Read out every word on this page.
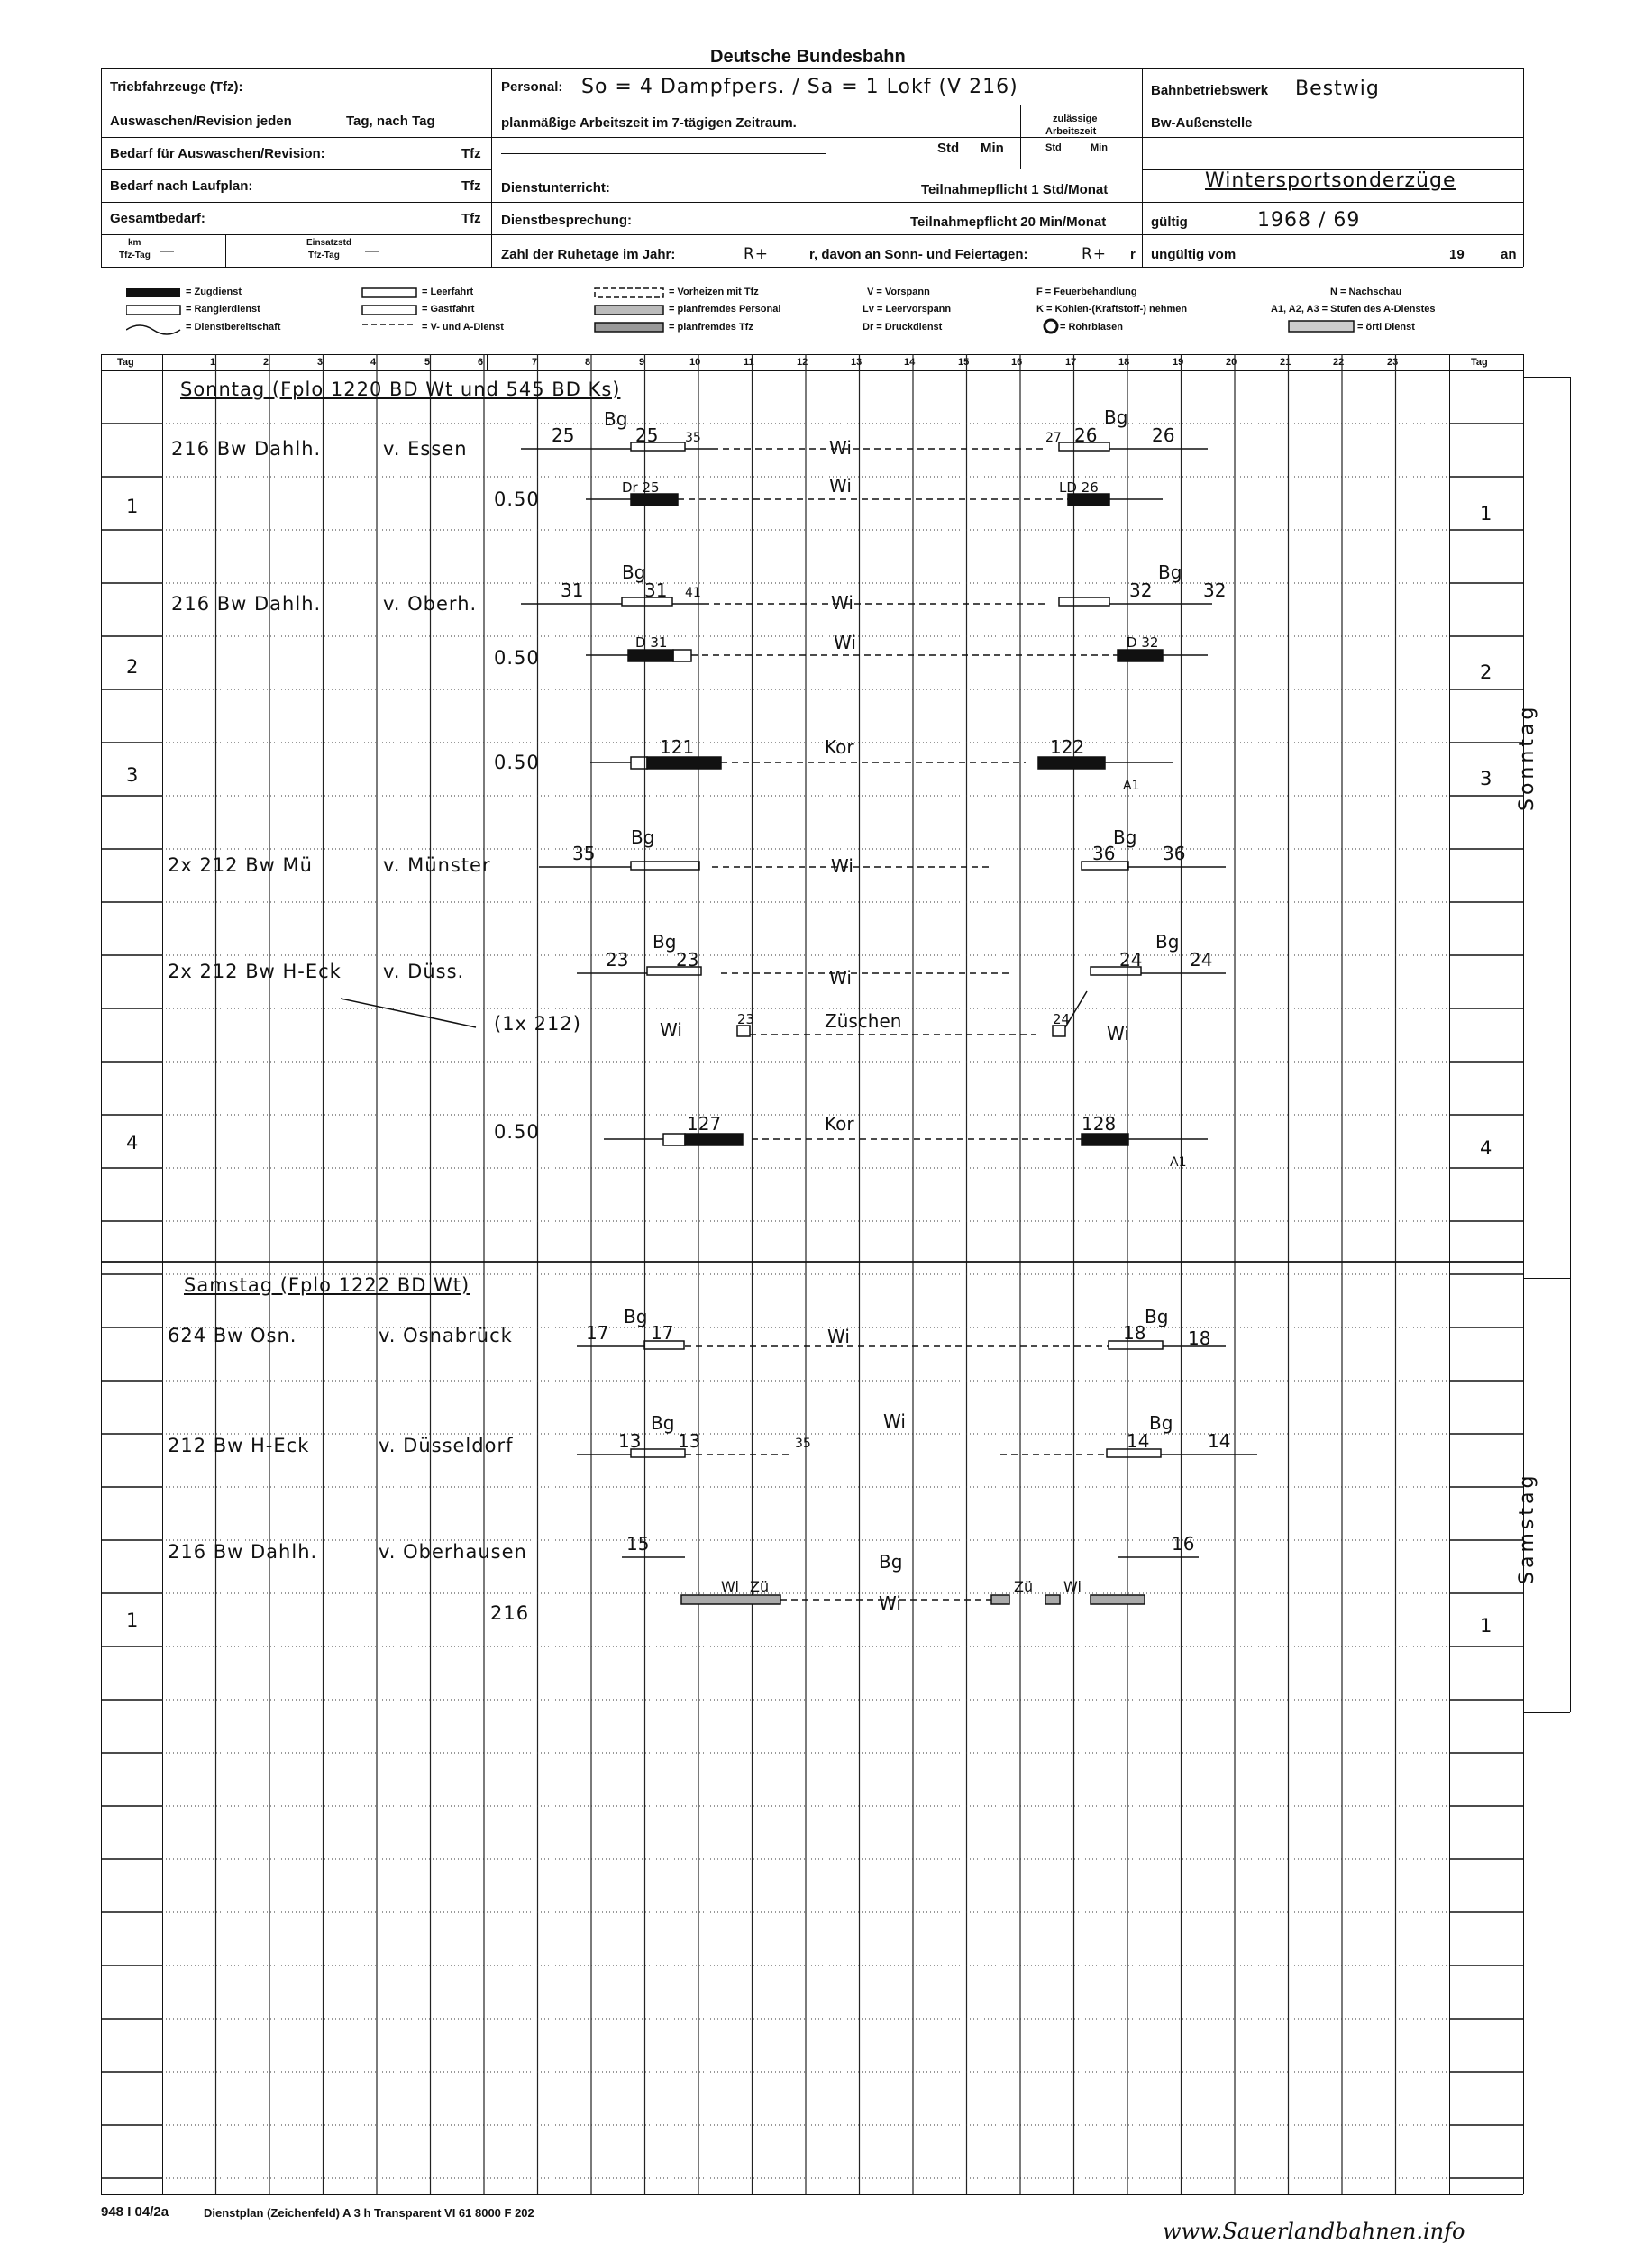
Deutsche Bundesbahn
Triebfahrzeuge (Tfz):	Personal: So = 4 Dampfpers. / Sa = 1 Lokf (V 216)	Bahnbetriebswerk Bestwig
Auswaschen/Revision jeden	Tag, nach Tag	planmäßige Arbeitszeit im 7-tägigen Zeitraum.
Std Min
zulässige
Arbeitszeit
Std	Min
Bw-Außenstelle
Bedarf für Auswaschen/Revision:	Tfz
Bedarf nach Laufplan:	Tfz Dienstunterricht:	Teilnahmepflicht 1 Std/Monat	Wintersportsonderzüge
Gesamtbedarf:	Tfz Dienstbesprechung:	Teilnahmepflicht 20 Min/Monat	gültig	1968 / 69
km
Tfz-Tag —
Einsatzstd
Tfz-Tag —	Zahl der Ruhetage im Jahr:	R+	r, davon an Sonn- und Feiertagen:	R+ r ungültig vom	19	an
= Zugdienst
= Rangierdienst
= Dienstbereitschaft
= Leerfahrt
= Gastfahrt
= V- und A-Dienst
= Vorheizen mit Tfz
= planfremdes Personal
= planfremdes Tfz
V = Vorspann
Lv = Leervorspann
Dr = Druckdienst
F = Feuerbehandlung
K = Kohlen-(Kraftstoff-) nehmen
= Rohrblasen
N = Nachschau
A1, A2, A3 = Stufen des A-Dienstes
= örtl Dienst
Tag	Tag
1	2	3	4	5	6	7	8	9	10	11	12	13	14	15	16	17	18	19	20	21	22	23
Sonntag
Samstag
1
2
3
4
1
1
2
3
4
1
Sonntag (Fplo 1220 BD Wt und 545 BD Ks)
216 Bw Dahlh.	v. Essen
0.50
216 Bw Dahlh.	v. Oberh.
0.50
0.50
2x 212 Bw Mü	v. Münster
2x 212 Bw H-Eck v. Düss.
(1x 212)
0.50
Samstag (Fplo 1222 BD Wt)
624 Bw Osn.	v. Osnabrück
212 Bw H-Eck	v. Düsseldorf
216 Bw Dahlh.	v. Oberhausen
216
25
Bg
25 35	Wi	27 26
Bg
26
Dr 25	Wi	LD 26
31
Bg
31 41	Wi
32
Bg
32
D 31	Wi	D 32
121	Kor	122
A1
Bg
35
Wi
Bg
36	36
23
Bg
23
Wi
24
Bg
24
Wi	23	Züschen	24
Wi
127	Kor	128
A1
17
Bg
17	Wi	18
Bg
18
13
Bg
13	35
Wi
14
Bg
14
15
Bg
16
Wi Zü
Wi
Zü Wi
948 I 04/2a	Dienstplan (Zeichenfeld) A 3 h Transparent VI 61 8000 F 202
www.Sauerlandbahnen.info
